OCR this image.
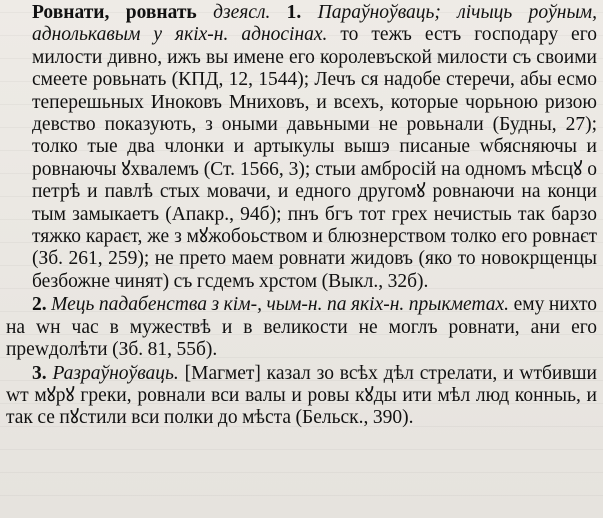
Ровнати, ровнать дзеясл. 1. Параўноўваць; лічыць роўным, аднолькавым у якіх-н. адносінах. то тежъ естъ господару его милости дивно, ижъ вы имене его королевъской милости съ своими смеете ровьнать (КПД, 12, 1544); Лечъ ся надобе стеречи, абы есмо теперешьных Иноковъ Мниховъ, и всехъ, которые чорьною ризою девство показують, з оными давьными не ровьнали (Будны, 27); толко тые два члонки и артыкулы вышэ писаные wбясняючы и ровнаючы ꙋхвалемъ (Ст. 1566, 3); стыи амбросій на одномъ мѣсцꙋ о петрѣ и павлѣ стых мовачи, и едного другомꙋ ровнаючи на конци тым замыкаетъ (Апакр., 94б); пнъ бгъ тот грех нечистыь так барзо тяжко караєт, же з мꙋжобоьством и блюзнерством толко его ровнаєт (Зб. 261, 259); не прето маем ровнати жидовъ (яко то новокрщенцы безбожне чинят) съ гсдемъ хрстом (Выкл., 32б).

2. Мець падабенства з кім-, чым-н. па якіх-н. прыкметах. ему нихто на wн час в мужествѣ и в великости не моглъ ровнати, ани его преwдолѣти (Зб. 81, 55б).

3. Разраўноўваць. [Магмет] казал зо всѣх дѣл стрелати, и wтбивши wт мꙋрꙋ греки, ровнали вси валы и ровы кꙋды ити мѣл люд конныь, и так се пꙋстили вси полки до мѣста (Бельск., 390).
